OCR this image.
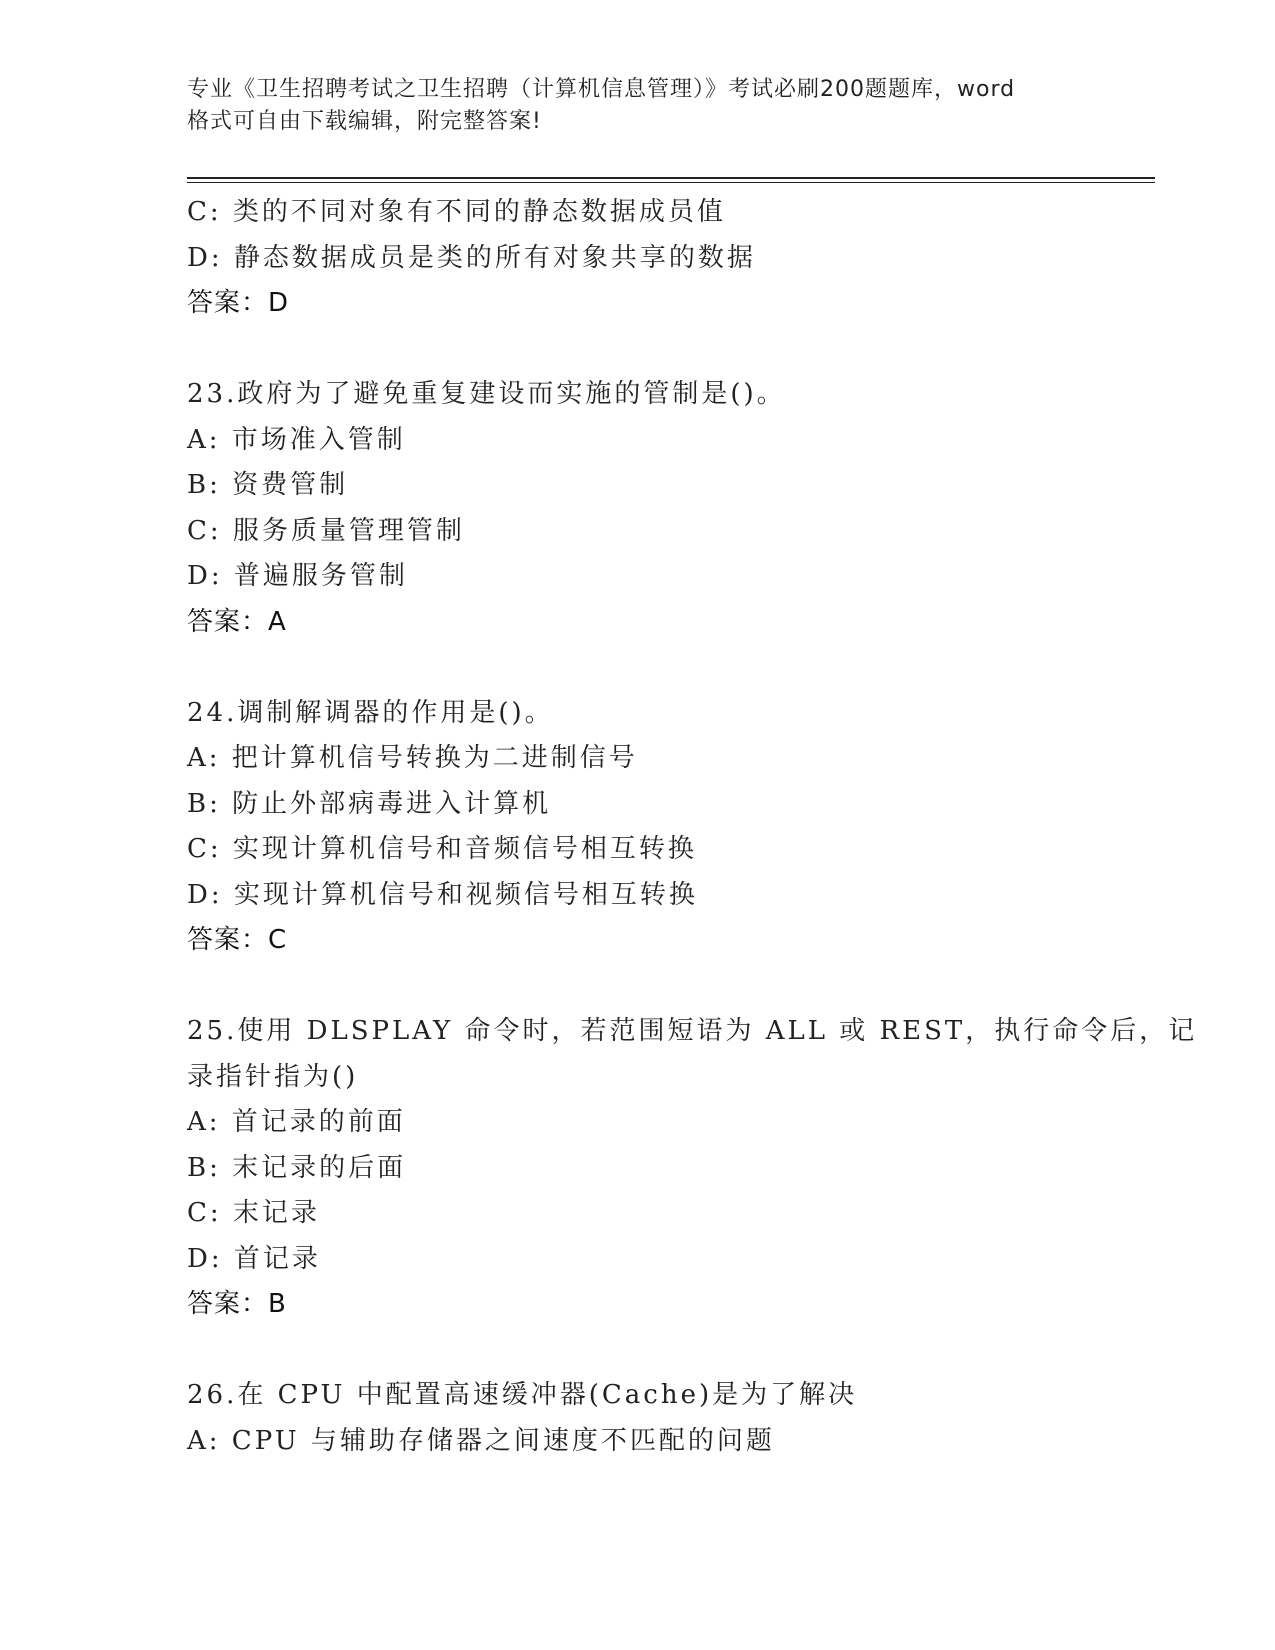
专业《卫生招聘考试之卫生招聘（计算机信息管理）》考试必刷200题题库，word
格式可自由下载编辑，附完整答案!
C: 类的不同对象有不同的静态数据成员值
D: 静态数据成员是类的所有对象共享的数据
答案：D
23.政府为了避免重复建设而实施的管制是()。
A: 市场准入管制
B: 资费管制
C: 服务质量管理管制
D: 普遍服务管制
答案：A
24.调制解调器的作用是()。
A: 把计算机信号转换为二进制信号
B: 防止外部病毒进入计算机
C: 实现计算机信号和音频信号相互转换
D: 实现计算机信号和视频信号相互转换
答案：C
25.使用 DLSPLAY 命令时，若范围短语为 ALL 或 REST，执行命令后，记
录指针指为()
A: 首记录的前面
B: 末记录的后面
C: 末记录
D: 首记录
答案：B
26.在 CPU 中配置高速缓冲器(Cache)是为了解决
A: CPU 与辅助存储器之间速度不匹配的问题
